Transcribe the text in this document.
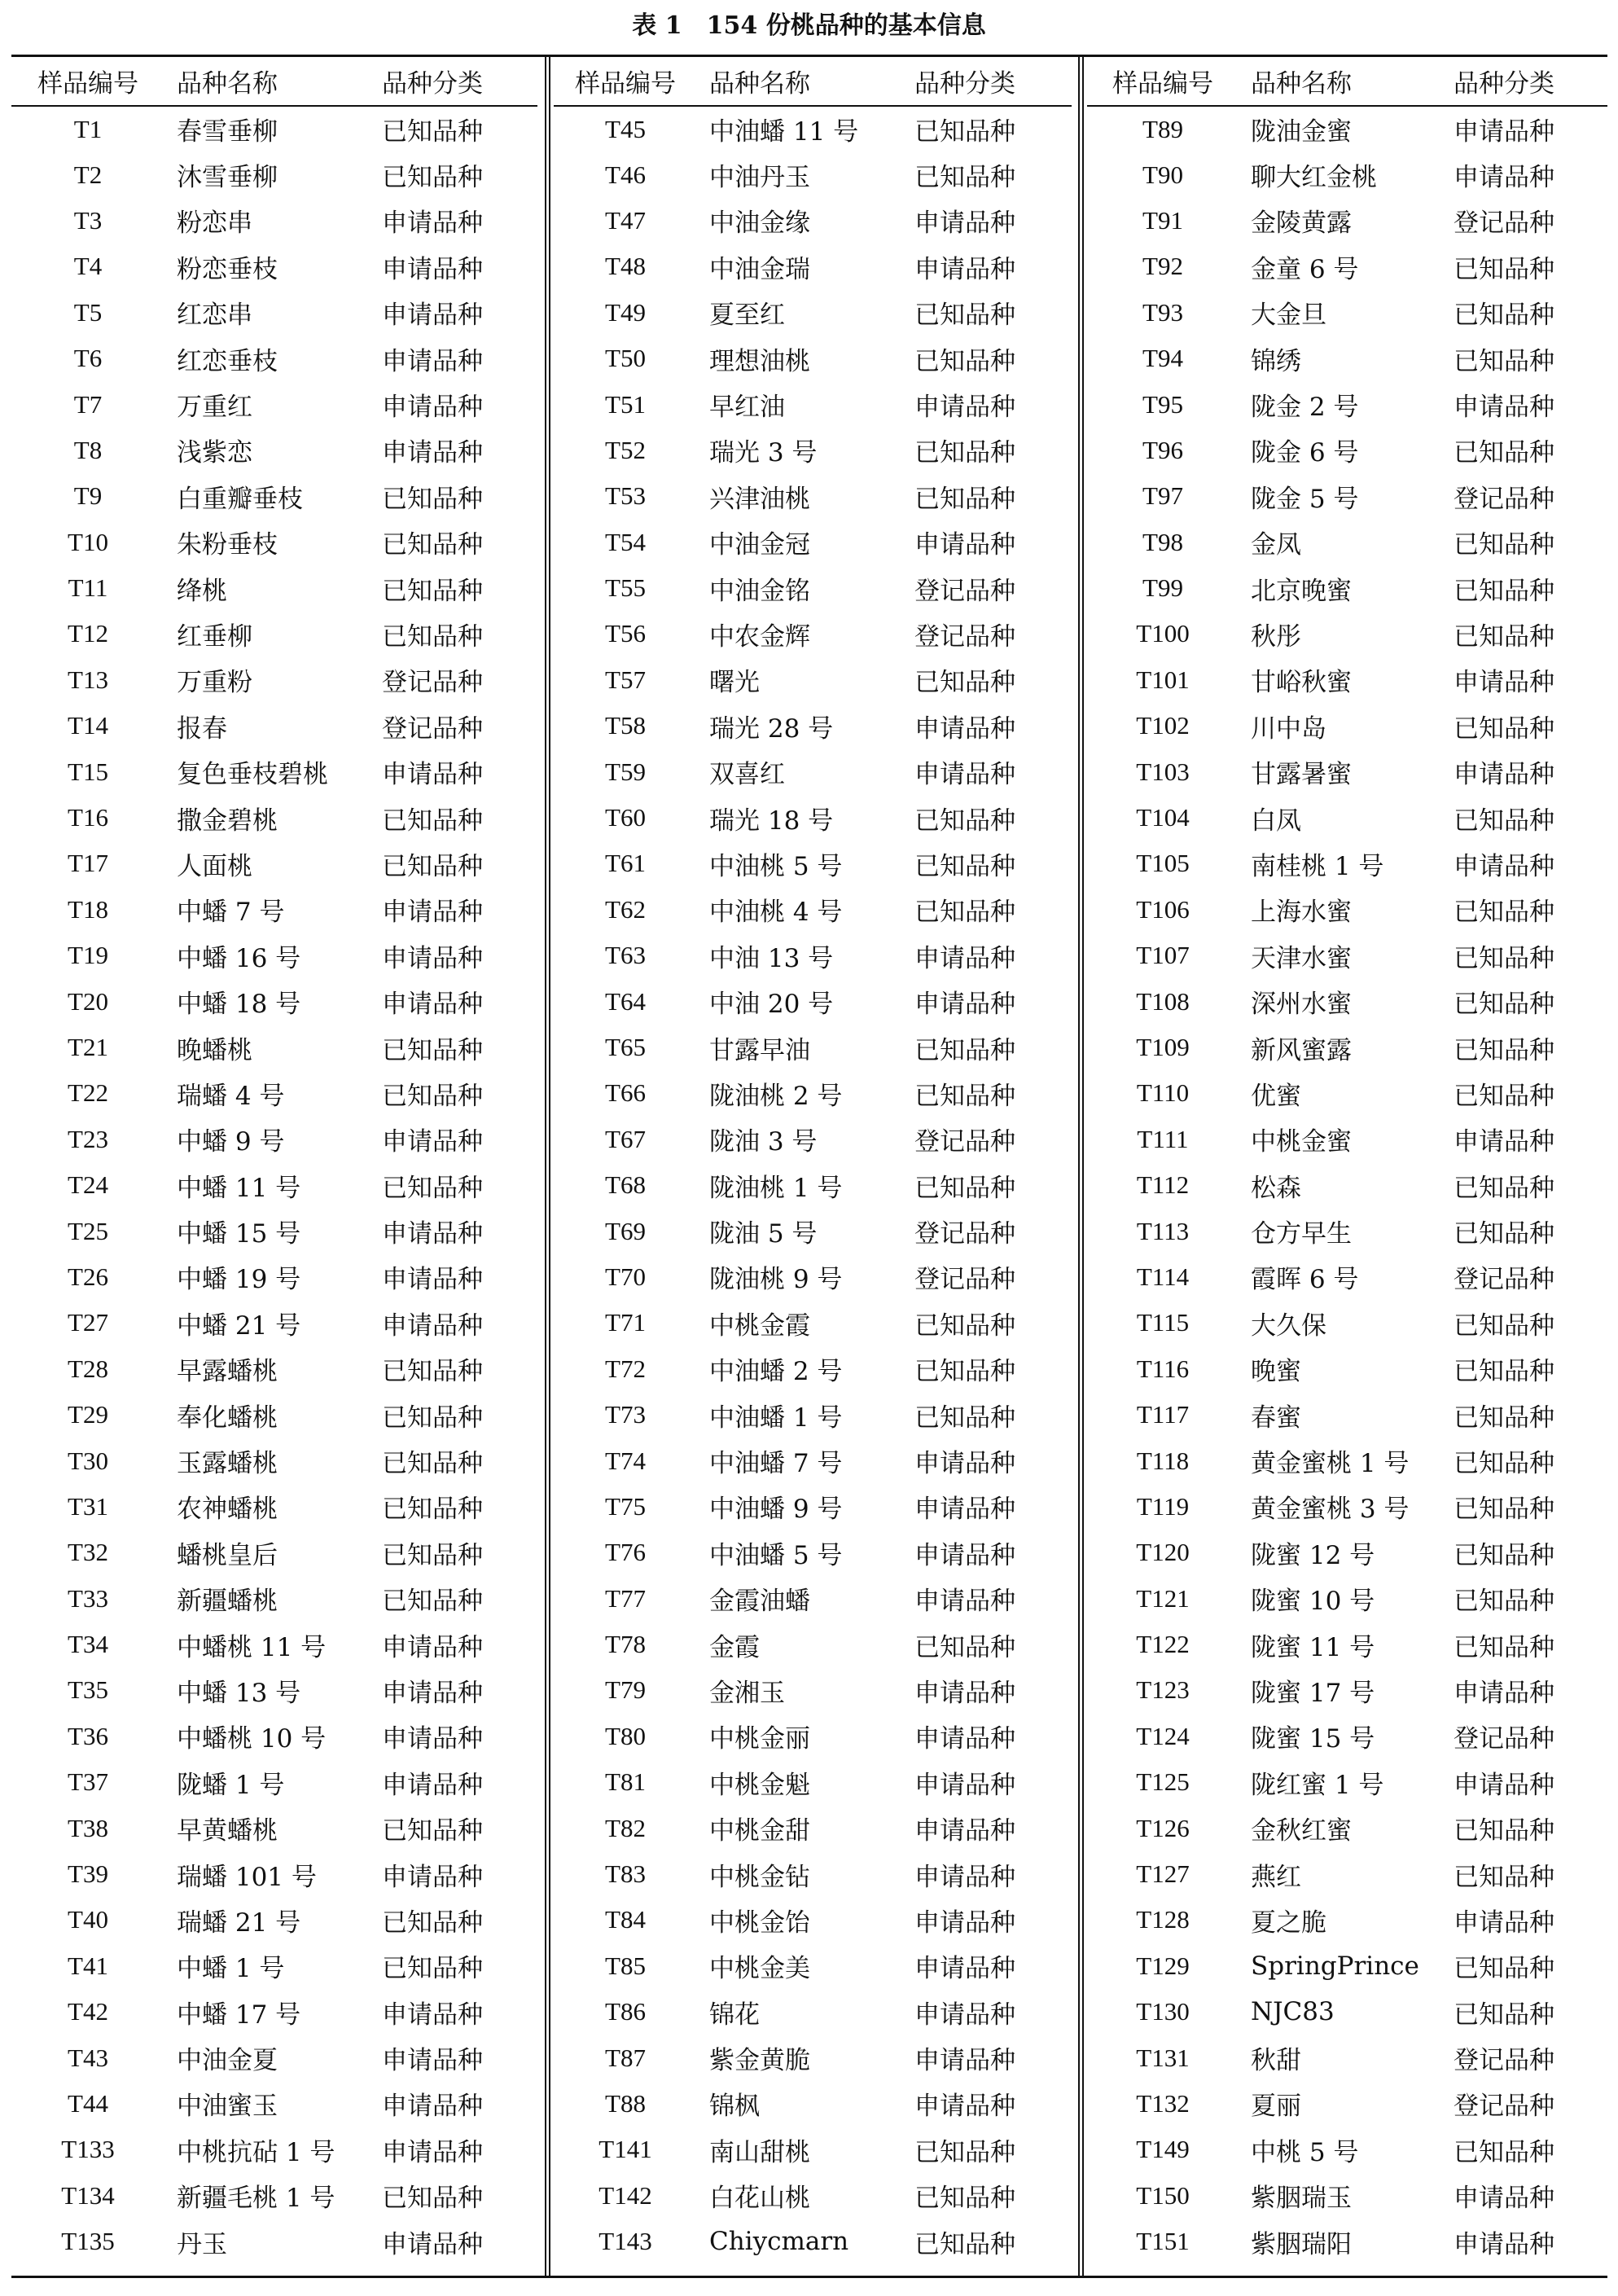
表 1 154 份桃品种的基本信息
样品编号	品种名称	品种分类
T1	春雪垂柳	已知品种
T2	沐雪垂柳	已知品种
T3	粉恋串	申请品种
T4	粉恋垂枝	申请品种
T5	红恋串	申请品种
T6	红恋垂枝	申请品种
T7	万重红	申请品种
T8	浅紫恋	申请品种
T9	白重瓣垂枝	已知品种
T10	朱粉垂枝	已知品种
T11	绛桃	已知品种
T12	红垂柳	已知品种
T13	万重粉	登记品种
T14	报春	登记品种
T15	复色垂枝碧桃	申请品种
T16	撒金碧桃	已知品种
T17	人面桃	已知品种
T18	中蟠 7 号	申请品种
T19	中蟠 16 号	申请品种
T20	中蟠 18 号	申请品种
T21	晚蟠桃	已知品种
T22	瑞蟠 4 号	已知品种
T23	中蟠 9 号	申请品种
T24	中蟠 11 号	已知品种
T25	中蟠 15 号	申请品种
T26	中蟠 19 号	申请品种
T27	中蟠 21 号	申请品种
T28	早露蟠桃	已知品种
T29	奉化蟠桃	已知品种
T30	玉露蟠桃	已知品种
T31	农神蟠桃	已知品种
T32	蟠桃皇后	已知品种
T33	新疆蟠桃	已知品种
T34	中蟠桃 11 号	申请品种
T35	中蟠 13 号	申请品种
T36	中蟠桃 10 号	申请品种
T37	陇蟠 1 号	申请品种
T38	早黄蟠桃	已知品种
T39	瑞蟠 101 号	申请品种
T40	瑞蟠 21 号	已知品种
T41	中蟠 1 号	已知品种
T42	中蟠 17 号	申请品种
T43	中油金夏	申请品种
T44	中油蜜玉	申请品种
T133	中桃抗砧 1 号	申请品种
T134	新疆毛桃 1 号	已知品种
T135	丹玉	申请品种
样品编号	品种名称	品种分类
T45	中油蟠 11 号	已知品种
T46	中油丹玉	已知品种
T47	中油金缘	申请品种
T48	中油金瑞	申请品种
T49	夏至红	已知品种
T50	理想油桃	已知品种
T51	早红油	申请品种
T52	瑞光 3 号	已知品种
T53	兴津油桃	已知品种
T54	中油金冠	申请品种
T55	中油金铭	登记品种
T56	中农金辉	登记品种
T57	曙光	已知品种
T58	瑞光 28 号	申请品种
T59	双喜红	申请品种
T60	瑞光 18 号	已知品种
T61	中油桃 5 号	已知品种
T62	中油桃 4 号	已知品种
T63	中油 13 号	申请品种
T64	中油 20 号	申请品种
T65	甘露早油	已知品种
T66	陇油桃 2 号	已知品种
T67	陇油 3 号	登记品种
T68	陇油桃 1 号	已知品种
T69	陇油 5 号	登记品种
T70	陇油桃 9 号	登记品种
T71	中桃金霞	已知品种
T72	中油蟠 2 号	已知品种
T73	中油蟠 1 号	已知品种
T74	中油蟠 7 号	申请品种
T75	中油蟠 9 号	申请品种
T76	中油蟠 5 号	申请品种
T77	金霞油蟠	申请品种
T78	金霞	已知品种
T79	金湘玉	申请品种
T80	中桃金丽	申请品种
T81	中桃金魁	申请品种
T82	中桃金甜	申请品种
T83	中桃金钻	申请品种
T84	中桃金饴	申请品种
T85	中桃金美	申请品种
T86	锦花	申请品种
T87	紫金黄脆	申请品种
T88	锦枫	申请品种
T141	南山甜桃	已知品种
T142	白花山桃	已知品种
T143	Chiycmarn	已知品种
样品编号	品种名称	品种分类
T89	陇油金蜜	申请品种
T90	聊大红金桃	申请品种
T91	金陵黄露	登记品种
T92	金童 6 号	已知品种
T93	大金旦	已知品种
T94	锦绣	已知品种
T95	陇金 2 号	申请品种
T96	陇金 6 号	已知品种
T97	陇金 5 号	登记品种
T98	金凤	已知品种
T99	北京晚蜜	已知品种
T100	秋彤	已知品种
T101	甘峪秋蜜	申请品种
T102	川中岛	已知品种
T103	甘露暑蜜	申请品种
T104	白凤	已知品种
T105	南桂桃 1 号	申请品种
T106	上海水蜜	已知品种
T107	天津水蜜	已知品种
T108	深州水蜜	已知品种
T109	新风蜜露	已知品种
T110	优蜜	已知品种
T111	中桃金蜜	申请品种
T112	松森	已知品种
T113	仓方早生	已知品种
T114	霞晖 6 号	登记品种
T115	大久保	已知品种
T116	晚蜜	已知品种
T117	春蜜	已知品种
T118	黄金蜜桃 1 号	已知品种
T119	黄金蜜桃 3 号	已知品种
T120	陇蜜 12 号	已知品种
T121	陇蜜 10 号	已知品种
T122	陇蜜 11 号	已知品种
T123	陇蜜 17 号	申请品种
T124	陇蜜 15 号	登记品种
T125	陇红蜜 1 号	申请品种
T126	金秋红蜜	已知品种
T127	燕红	已知品种
T128	夏之脆	申请品种
T129	SpringPrince	已知品种
T130	NJC83	已知品种
T131	秋甜	登记品种
T132	夏丽	登记品种
T149	中桃 5 号	已知品种
T150	紫胭瑞玉	申请品种
T151	紫胭瑞阳	申请品种
